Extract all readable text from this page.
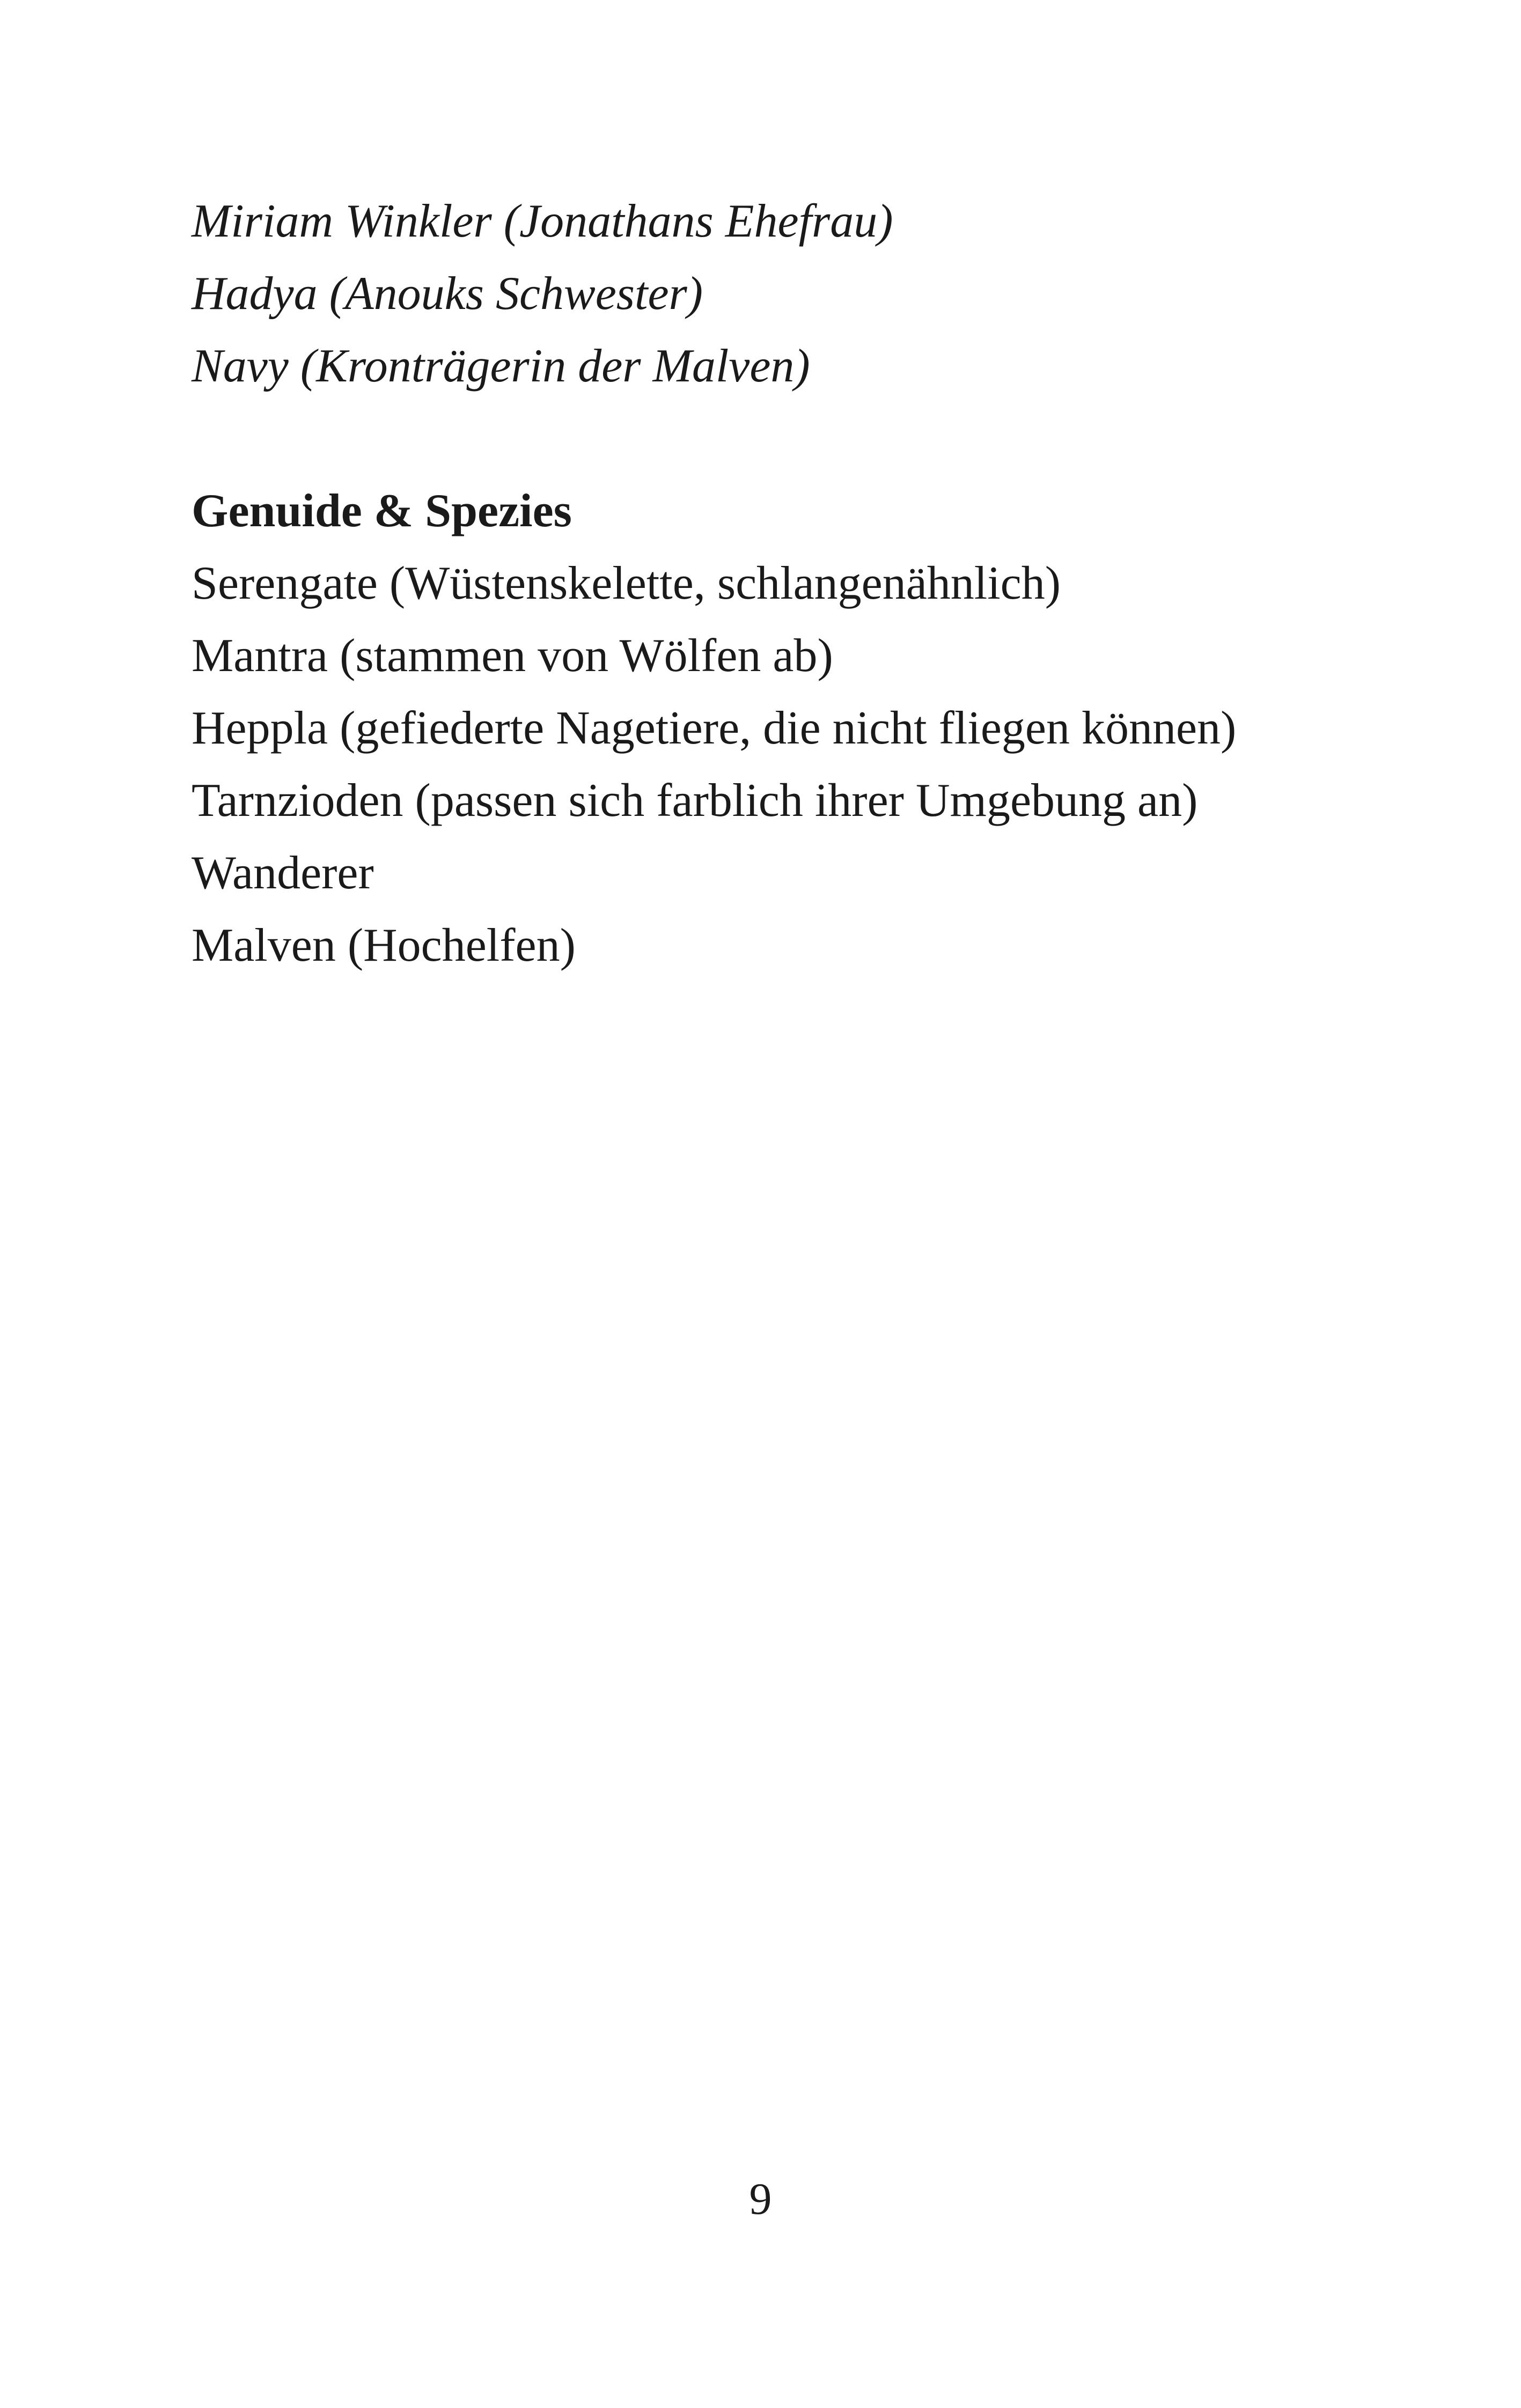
Miriam Winkler (Jonathans Ehefrau)
Hadya (Anouks Schwester)
Navy (Kronträgerin der Malven)
Genuide & Spezies
Serengate (Wüstenskelette, schlangenähnlich)
Mantra (stammen von Wölfen ab)
Heppla (gefiederte Nagetiere, die nicht fliegen können)
Tarnzioden (passen sich farblich ihrer Umgebung an)
Wanderer
Malven (Hochelfen)
9
